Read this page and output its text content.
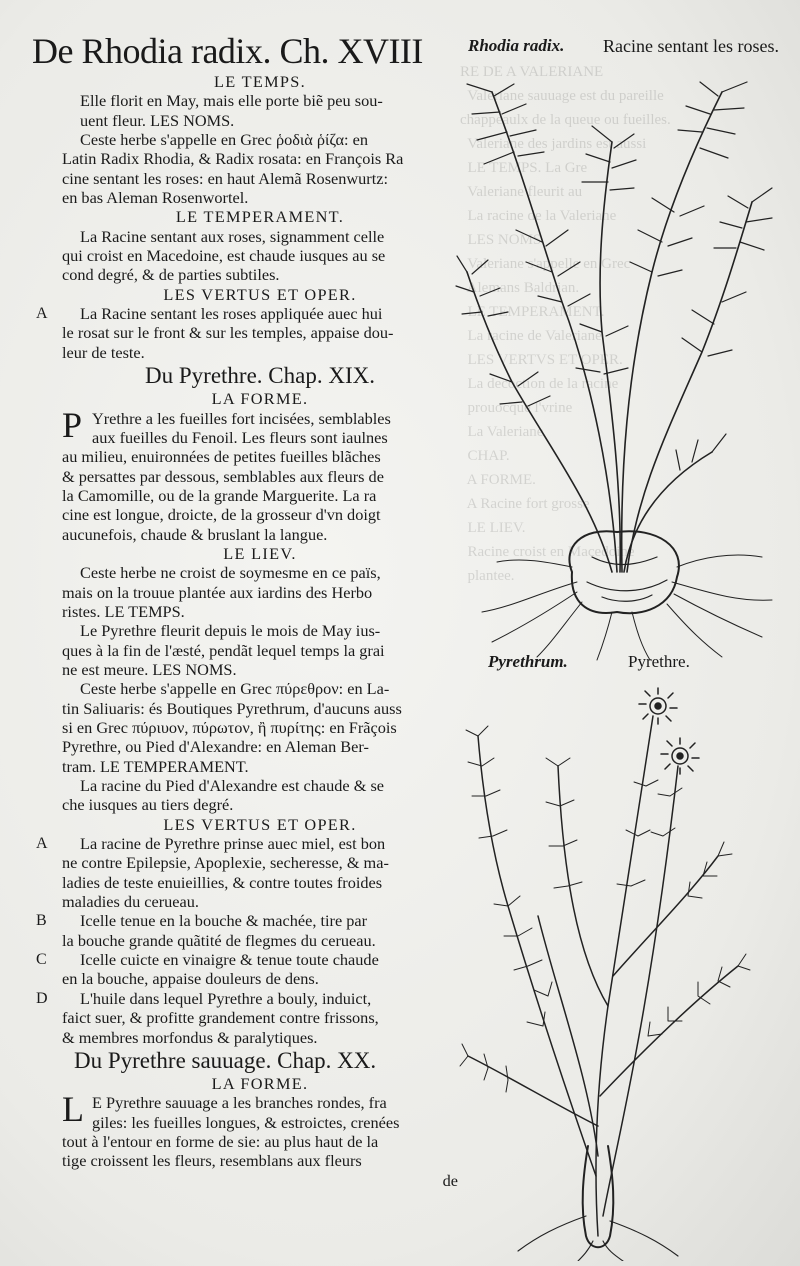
RE DE A VALERIANE
Valeriane sauuage est du pareille
chappeaulx de la queue ou fueilles.
Valeriane des jardins est aussi
LE TEMPS. La Gre
Valeriane fleurit au
La racine de la Valeriane
LES NOMS.
Valeriane s'appelle en Grec
Alemans Baldrian.
LE TEMPERAMENT.
La racine de Valeriane
LES VERTVS ET OPER.
La decoction de la racine
prouocque l'vrine
La Valeriane
CHAP.
A FORME.
A Racine fort grosse
LE LIEV.
Racine croist en Macedoine
plantee.

De Rhodia radix. Ch. XVIII	Rhodia radix. Racine sentant les roses.
LE TEMPS.
Elle florit en May, mais elle porte biẽ peu sou-
uent fleur. LES NOMS.
Ceste herbe s'appelle en Grec ῥοδιὰ ῥίζα: en
Latin Radix Rhodia, & Radix rosata: en François Ra
cine sentant les roses: en haut Alemã Rosenwurtz:
en bas Aleman Rosenwortel.
LE TEMPERAMENT.
La Racine sentant aux roses, signamment celle
qui croist en Macedoine, est chaude iusques au se
cond degré, & de parties subtiles.
LES VERTUS ET OPER.
La Racine sentant les roses appliquée auec hui
A
le rosat sur le front & sur les temples, appaise dou-
leur de teste.
Du Pyrethre. Chap. XIX.
LA FORME.
P Yrethre a les fueilles fort incisées, semblables
aux fueilles du Fenoil. Les fleurs sont iaulnes
au milieu, enuironnées de petites fueilles blãches
& persattes par dessous, semblables aux fleurs de
la Camomille, ou de la grande Marguerite. La ra
cine est longue, droicte, de la grosseur d'vn doigt
aucunefois, chaude & bruslant la langue.
LE LIEV.
Ceste herbe ne croist de soymesme en ce païs,
mais on la trouue plantée aux iardins des Herbo
ristes. LE TEMPS.
Le Pyrethre fleurit depuis le mois de May ius-
ques à la fin de l'æsté, pendãt lequel temps la grai
ne est meure. LES NOMS.
Ceste herbe s'appelle en Grec πύρεθρον: en La-
tin Saliuaris: és Boutiques Pyrethrum, d'aucuns auss
si en Grec πύριυον, πύρωτον, ἢ πυρίτης: en Frãçois
Pyrethre, ou Pied d'Alexandre: en Aleman Ber-
tram. LE TEMPERAMENT.
La racine du Pied d'Alexandre est chaude & se
che iusques au tiers degré.
LES VERTUS ET OPER.
La racine de Pyrethre prinse auec miel, est bon
A
ne contre Epilepsie, Apoplexie, secheresse, & ma-
ladies de teste enuieillies, & contre toutes froides
maladies du cerueau.
Icelle tenue en la bouche & machée, tire par
B
la bouche grande quãtité de flegmes du cerueau.
Icelle cuicte en vinaigre & tenue toute chaude
C
en la bouche, appaise douleurs de dens.
L'huile dans lequel Pyrethre a bouly, induict,
D
faict suer, & profitte grandement contre frissons,
& membres morfondus & paralytiques.
Du Pyrethre sauuage. Chap. XX.
LA FORME.
L E Pyrethre sauuage a les branches rondes, fra
giles: les fueilles longues, & estroictes, crenées
tout à l'entour en forme de sie: au plus haut de la
tige croissent les fleurs, resemblans aux fleurs
de
Pyrethrum.	Pyrethre.
